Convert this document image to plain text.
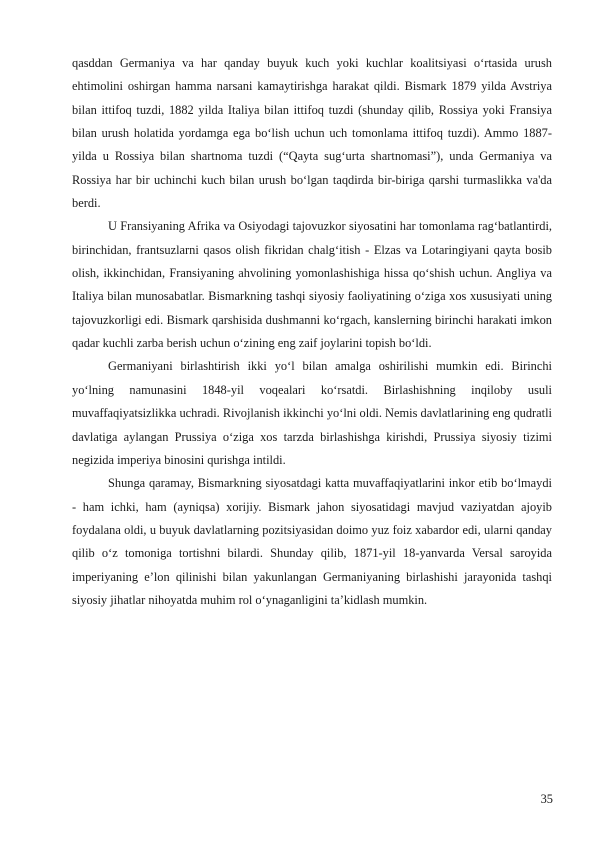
qasddan Germaniya va har qanday buyuk kuch yoki kuchlar koalitsiyasi oʻrtasida urush ehtimolini oshirgan hamma narsani kamaytirishga harakat qildi. Bismark 1879 yilda Avstriya bilan ittifoq tuzdi, 1882 yilda Italiya bilan ittifoq tuzdi (shunday qilib, Rossiya yoki Fransiya bilan urush holatida yordamga ega boʻlish uchun uch tomonlama ittifoq tuzdi). Ammo 1887-yilda u Rossiya bilan shartnoma tuzdi (“Qayta sugʻurta shartnomasi”), unda Germaniya va Rossiya har bir uchinchi kuch bilan urush boʻlgan taqdirda bir-biriga qarshi turmaslikka va'da berdi.

U Fransiyaning Afrika va Osiyodagi tajovuzkor siyosatini har tomonlama ragʻbatlantirdi, birinchidan, frantsuzlarni qasos olish fikridan chalgʻitish - Elzas va Lotaringiyani qayta bosib olish, ikkinchidan, Fransiyaning ahvolining yomonlashishiga hissa qoʻshish uchun. Angliya va Italiya bilan munosabatlar. Bismarkning tashqi siyosiy faoliyatining oʻziga xos xususiyati uning tajovuzkorligi edi. Bismark qarshisida dushmanni koʻrgach, kanslerning birinchi harakati imkon qadar kuchli zarba berish uchun oʻzining eng zaif joylarini topish boʻldi.

Germaniyani birlashtirish ikki yoʻl bilan amalga oshirilishi mumkin edi. Birinchi yoʻlning namunasini 1848-yil voqealari koʻrsatdi. Birlashishning inqiloby usuli muvaffaqiyatsizlikka uchradi. Rivojlanish ikkinchi yoʻlni oldi. Nemis davlatlarining eng qudratli davlatiga aylangan Prussiya oʻziga xos tarzda birlashishga kirishdi, Prussiya siyosiy tizimi negizida imperiya binosini qurishga intildi.

Shunga qaramay, Bismarkning siyosatdagi katta muvaffaqiyatlarini inkor etib boʻlmaydi - ham ichki, ham (ayniqsa) xorijiy. Bismark jahon siyosatidagi mavjud vaziyatdan ajoyib foydalana oldi, u buyuk davlatlarning pozitsiyasidan doimo yuz foiz xabardor edi, ularni qanday qilib oʻz tomoniga tortishni bilardi. Shunday qilib, 1871-yil 18-yanvarda Versal saroyida imperiyaning eʼlon qilinishi bilan yakunlangan Germaniyaning birlashishi jarayonida tashqi siyosiy jihatlar nihoyatda muhim rol oʻynaganligini taʼkidlash mumkin.

35
